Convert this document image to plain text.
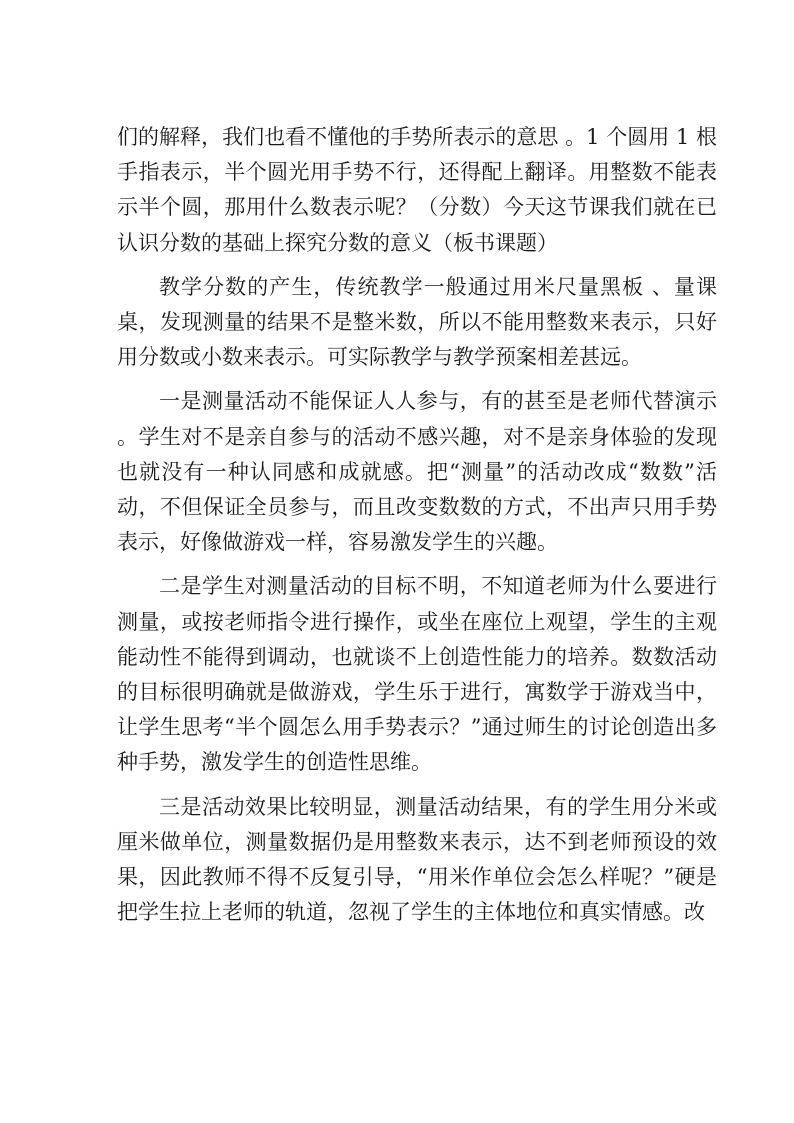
们的解释，我们也看不懂他的手势所表示的意思 。1 个圆用 1 根手指表示，半个圆光用手势不行，还得配上翻译。用整数不能表示半个圆，那用什么数表示呢？（分数）今天这节课我们就在已认识分数的基础上探究分数的意义（板书课题）

教学分数的产生，传统教学一般通过用米尺量黑板 、量课桌，发现测量的结果不是整米数，所以不能用整数来表示，只好用分数或小数来表示。可实际教学与教学预案相差甚远。

一是测量活动不能保证人人参与，有的甚至是老师代替演示 。学生对不是亲自参与的活动不感兴趣，对不是亲身体验的发现也就没有一种认同感和成就感。把“测量”的活动改成“数数”活动，不但保证全员参与，而且改变数数的方式，不出声只用手势表示，好像做游戏一样，容易激发学生的兴趣。

二是学生对测量活动的目标不明，不知道老师为什么要进行测量，或按老师指令进行操作，或坐在座位上观望，学生的主观能动性不能得到调动，也就谈不上创造性能力的培养。数数活动的目标很明确就是做游戏，学生乐于进行，寓数学于游戏当中，让学生思考“半个圆怎么用手势表示？”通过师生的讨论创造出多种手势，激发学生的创造性思维。

三是活动效果比较明显，测量活动结果，有的学生用分米或厘米做单位，测量数据仍是用整数来表示，达不到老师预设的效果，因此教师不得不反复引导，“用米作单位会怎么样呢？”硬是把学生拉上老师的轨道，忽视了学生的主体地位和真实情感。改
